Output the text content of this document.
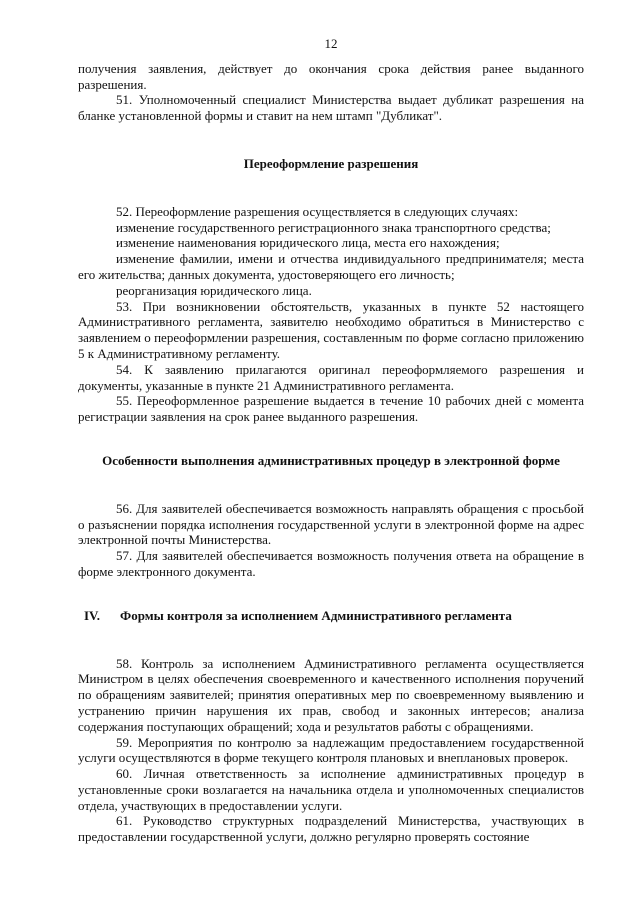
12

получения заявления, действует до окончания срока действия ранее выданного разрешения.

51. Уполномоченный специалист Министерства выдает дубликат разрешения на бланке установленной формы и ставит на нем штамп "Дубликат".

Переоформление разрешения

52. Переоформление разрешения осуществляется в следующих случаях:

изменение государственного регистрационного знака транспортного средства;

изменение наименования юридического лица, места его нахождения;

изменение фамилии, имени и отчества индивидуального предпринимателя; места его жительства; данных документа, удостоверяющего его личность;

реорганизация юридического лица.

53. При возникновении обстоятельств, указанных в пункте 52 настоящего Административного регламента, заявителю необходимо обратиться в Министерство с заявлением о переоформлении разрешения, составленным по форме согласно приложению 5 к Административному регламенту.

54. К заявлению прилагаются оригинал переоформляемого разрешения и документы, указанные в пункте 21 Административного регламента.

55. Переоформленное разрешение выдается в течение 10 рабочих дней с момента регистрации заявления на срок ранее выданного разрешения.

Особенности выполнения административных процедур в электронной форме

56. Для заявителей обеспечивается возможность направлять обращения с просьбой о разъяснении порядка исполнения государственной услуги в электронной форме на адрес электронной почты Министерства.

57. Для заявителей обеспечивается возможность получения ответа на обращение в форме электронного документа.

IV. Формы контроля за исполнением Административного регламента

58. Контроль за исполнением Административного регламента осуществляется Министром в целях обеспечения своевременного и качественного исполнения поручений по обращениям заявителей; принятия оперативных мер по своевременному выявлению и устранению причин нарушения их прав, свобод и законных интересов; анализа содержания поступающих обращений; хода и результатов работы с обращениями.

59. Мероприятия по контролю за надлежащим предоставлением государственной услуги осуществляются в форме текущего контроля плановых и внеплановых проверок.

60. Личная ответственность за исполнение административных процедур в установленные сроки возлагается на начальника отдела и уполномоченных специалистов отдела, участвующих в предоставлении услуги.

61. Руководство структурных подразделений Министерства, участвующих в предоставлении государственной услуги, должно регулярно проверять состояние
